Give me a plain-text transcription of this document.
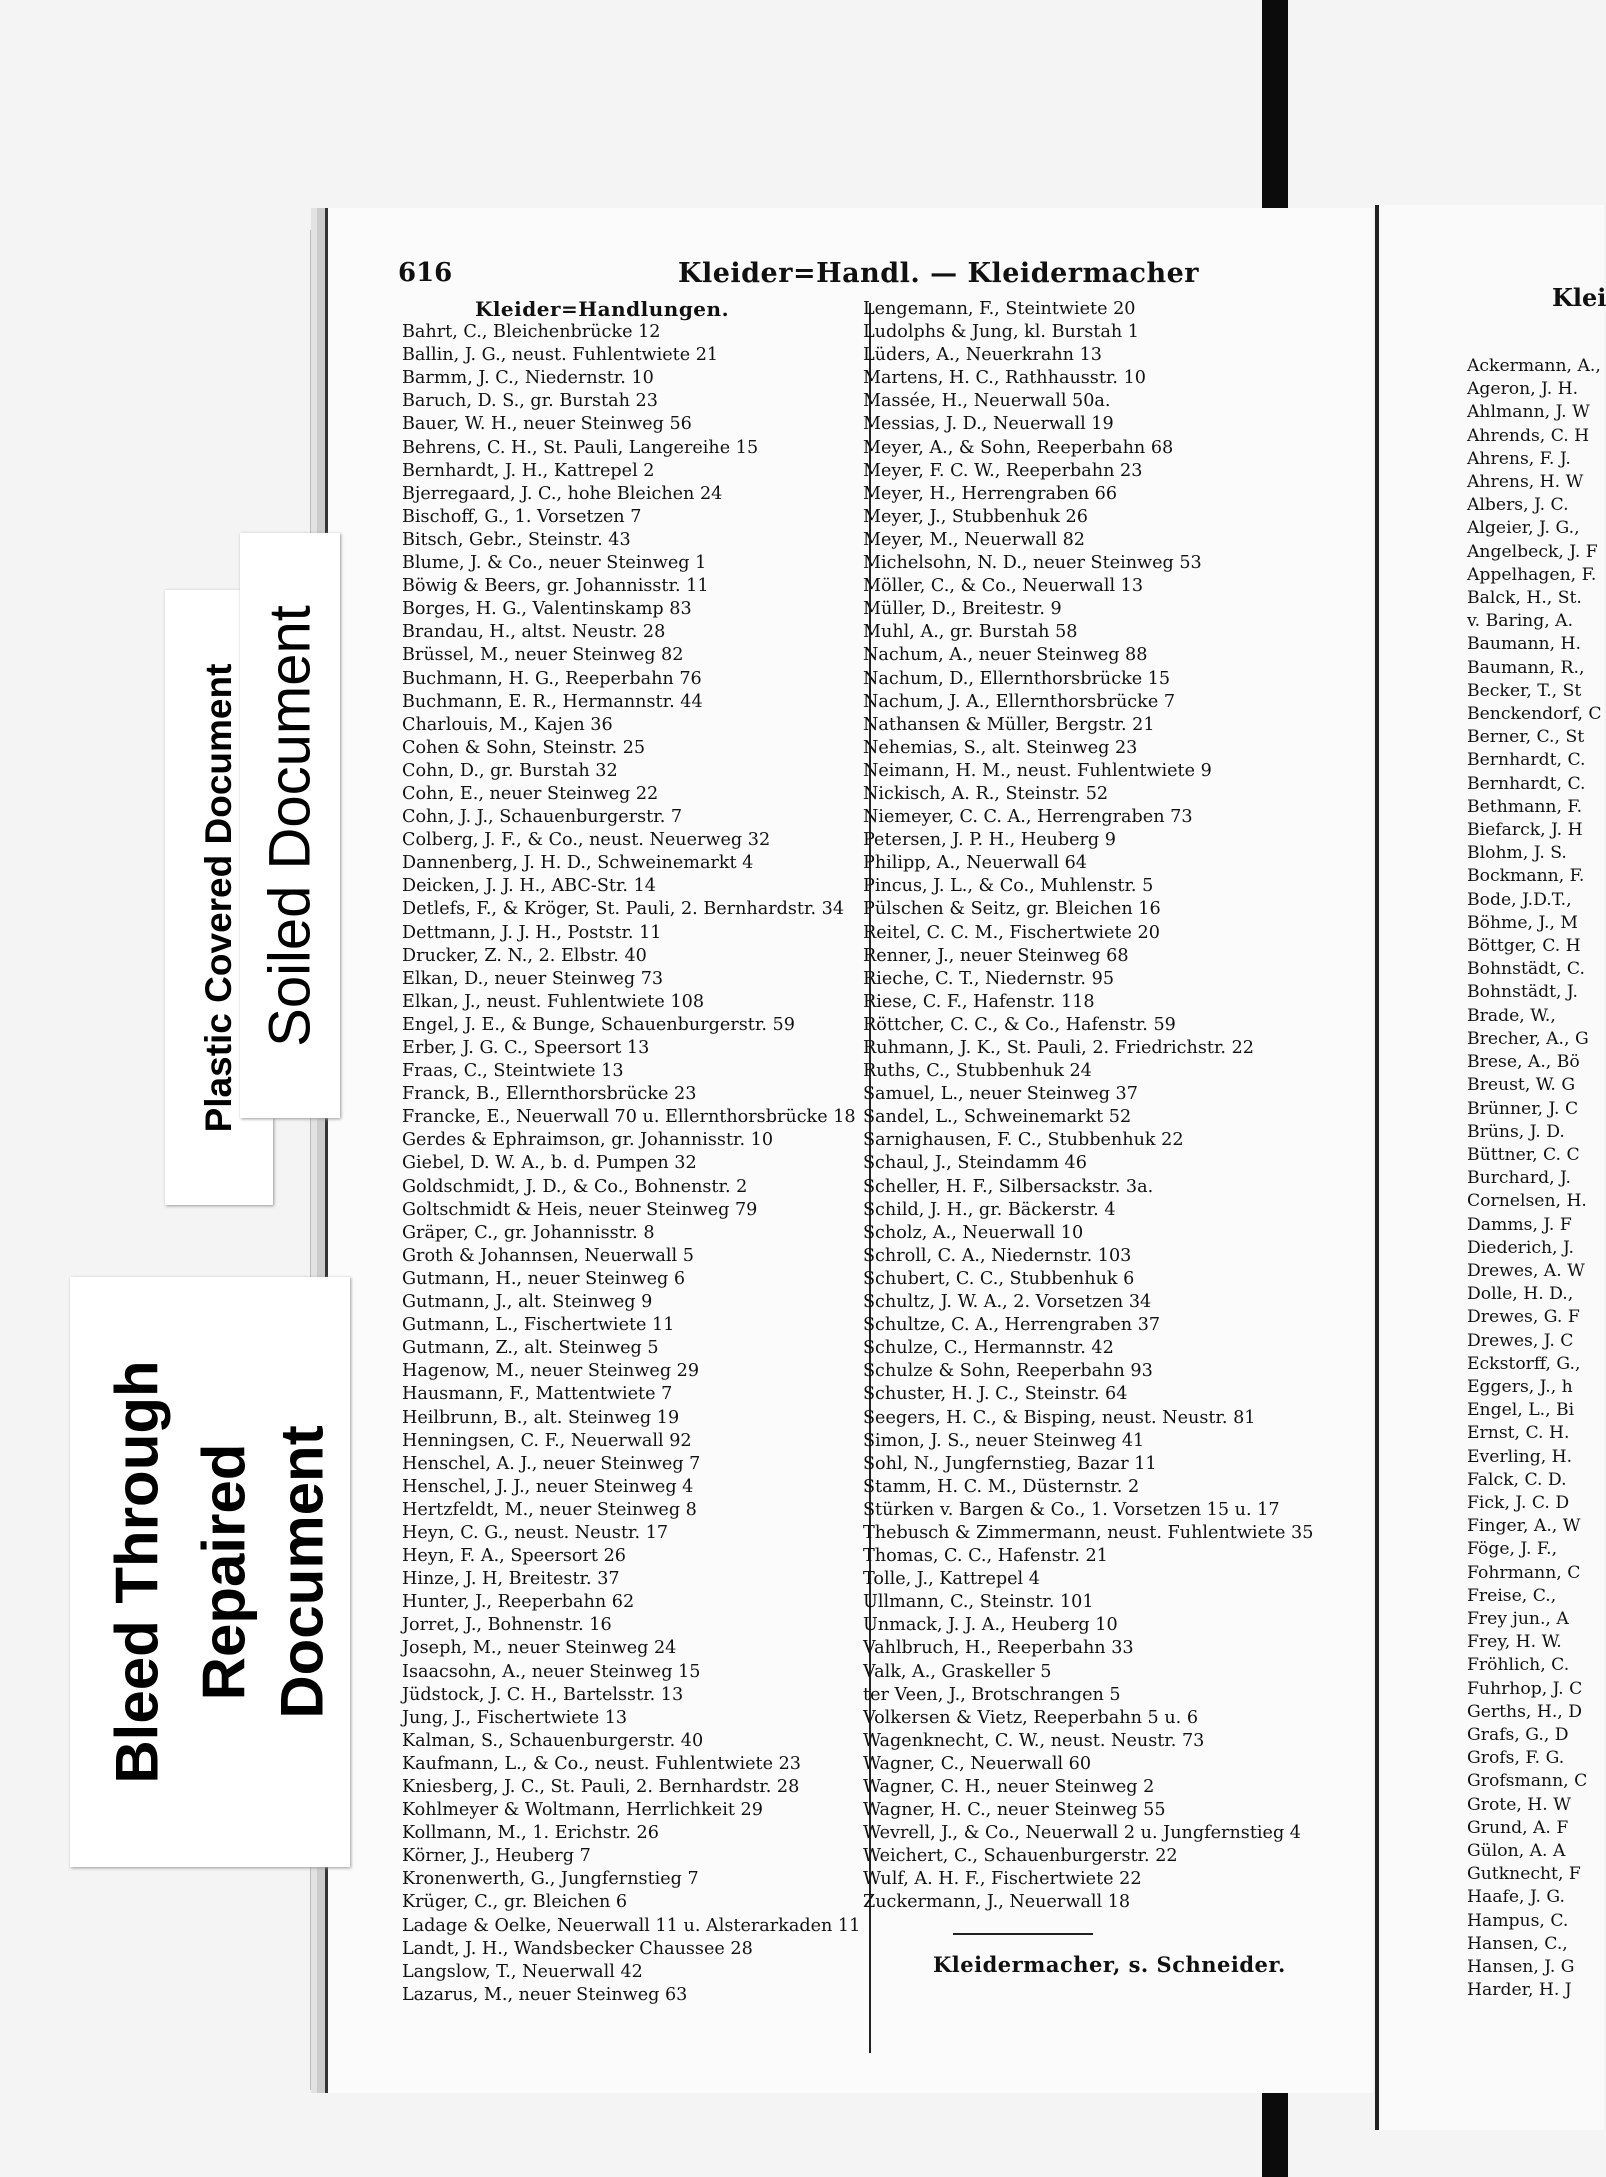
616	Kleider=Handl. — Kleidermacher
Kleider=Handlungen.
Bahrt, C., Bleichenbrücke 12
Ballin, J. G., neust. Fuhlentwiete 21
Barmm, J. C., Niedernstr. 10
Baruch, D. S., gr. Burstah 23
Bauer, W. H., neuer Steinweg 56
Behrens, C. H., St. Pauli, Langereihe 15
Bernhardt, J. H., Kattrepel 2
Bjerregaard, J. C., hohe Bleichen 24
Bischoff, G., 1. Vorsetzen 7
Bitsch, Gebr., Steinstr. 43
Blume, J. & Co., neuer Steinweg 1
Böwig & Beers, gr. Johannisstr. 11
Borges, H. G., Valentinskamp 83
Brandau, H., altst. Neustr. 28
Brüssel, M., neuer Steinweg 82
Buchmann, H. G., Reeperbahn 76
Buchmann, E. R., Hermannstr. 44
Charlouis, M., Kajen 36
Cohen & Sohn, Steinstr. 25
Cohn, D., gr. Burstah 32
Cohn, E., neuer Steinweg 22
Cohn, J. J., Schauenburgerstr. 7
Colberg, J. F., & Co., neust. Neuerweg 32
Dannenberg, J. H. D., Schweinemarkt 4
Deicken, J. J. H., ABC-Str. 14
Detlefs, F., & Kröger, St. Pauli, 2. Bernhardstr. 34
Dettmann, J. J. H., Poststr. 11
Drucker, Z. N., 2. Elbstr. 40
Elkan, D., neuer Steinweg 73
Elkan, J., neust. Fuhlentwiete 108
Engel, J. E., & Bunge, Schauenburgerstr. 59
Erber, J. G. C., Speersort 13
Fraas, C., Steintwiete 13
Franck, B., Ellernthorsbrücke 23
Francke, E., Neuerwall 70 u. Ellernthorsbrücke 18
Gerdes & Ephraimson, gr. Johannisstr. 10
Giebel, D. W. A., b. d. Pumpen 32
Goldschmidt, J. D., & Co., Bohnenstr. 2
Goltschmidt & Heis, neuer Steinweg 79
Gräper, C., gr. Johannisstr. 8
Groth & Johannsen, Neuerwall 5
Gutmann, H., neuer Steinweg 6
Gutmann, J., alt. Steinweg 9
Gutmann, L., Fischertwiete 11
Gutmann, Z., alt. Steinweg 5
Hagenow, M., neuer Steinweg 29
Hausmann, F., Mattentwiete 7
Heilbrunn, B., alt. Steinweg 19
Henningsen, C. F., Neuerwall 92
Henschel, A. J., neuer Steinweg 7
Henschel, J. J., neuer Steinweg 4
Hertzfeldt, M., neuer Steinweg 8
Heyn, C. G., neust. Neustr. 17
Heyn, F. A., Speersort 26
Hinze, J. H, Breitestr. 37
Hunter, J., Reeperbahn 62
Jorret, J., Bohnenstr. 16
Joseph, M., neuer Steinweg 24
Isaacsohn, A., neuer Steinweg 15
Jüdstock, J. C. H., Bartelsstr. 13
Jung, J., Fischertwiete 13
Kalman, S., Schauenburgerstr. 40
Kaufmann, L., & Co., neust. Fuhlentwiete 23
Kniesberg, J. C., St. Pauli, 2. Bernhardstr. 28
Kohlmeyer & Woltmann, Herrlichkeit 29
Kollmann, M., 1. Erichstr. 26
Körner, J., Heuberg 7
Kronenwerth, G., Jungfernstieg 7
Krüger, C., gr. Bleichen 6
Ladage & Oelke, Neuerwall 11 u. Alsterarkaden 11
Landt, J. H., Wandsbecker Chaussee 28
Langslow, T., Neuerwall 42
Lazarus, M., neuer Steinweg 63
Lengemann, F., Steintwiete 20
Ludolphs & Jung, kl. Burstah 1
Lüders, A., Neuerkrahn 13
Martens, H. C., Rathhausstr. 10
Massée, H., Neuerwall 50a.
Messias, J. D., Neuerwall 19
Meyer, A., & Sohn, Reeperbahn 68
Meyer, F. C. W., Reeperbahn 23
Meyer, H., Herrengraben 66
Meyer, J., Stubbenhuk 26
Meyer, M., Neuerwall 82
Michelsohn, N. D., neuer Steinweg 53
Möller, C., & Co., Neuerwall 13
Müller, D., Breitestr. 9
Muhl, A., gr. Burstah 58
Nachum, A., neuer Steinweg 88
Nachum, D., Ellernthorsbrücke 15
Nachum, J. A., Ellernthorsbrücke 7
Nathansen & Müller, Bergstr. 21
Nehemias, S., alt. Steinweg 23
Neimann, H. M., neust. Fuhlentwiete 9
Nickisch, A. R., Steinstr. 52
Niemeyer, C. C. A., Herrengraben 73
Petersen, J. P. H., Heuberg 9
Philipp, A., Neuerwall 64
Pincus, J. L., & Co., Muhlenstr. 5
Pülschen & Seitz, gr. Bleichen 16
Reitel, C. C. M., Fischertwiete 20
Renner, J., neuer Steinweg 68
Rieche, C. T., Niedernstr. 95
Riese, C. F., Hafenstr. 118
Röttcher, C. C., & Co., Hafenstr. 59
Ruhmann, J. K., St. Pauli, 2. Friedrichstr. 22
Ruths, C., Stubbenhuk 24
Samuel, L., neuer Steinweg 37
Sandel, L., Schweinemarkt 52
Sarnighausen, F. C., Stubbenhuk 22
Schaul, J., Steindamm 46
Scheller, H. F., Silbersackstr. 3a.
Schild, J. H., gr. Bäckerstr. 4
Scholz, A., Neuerwall 10
Schroll, C. A., Niedernstr. 103
Schubert, C. C., Stubbenhuk 6
Schultz, J. W. A., 2. Vorsetzen 34
Schultze, C. A., Herrengraben 37
Schulze, C., Hermannstr. 42
Schulze & Sohn, Reeperbahn 93
Schuster, H. J. C., Steinstr. 64
Seegers, H. C., & Bisping, neust. Neustr. 81
Simon, J. S., neuer Steinweg 41
Sohl, N., Jungfernstieg, Bazar 11
Stamm, H. C. M., Düsternstr. 2
Stürken v. Bargen & Co., 1. Vorsetzen 15 u. 17
Thebusch & Zimmermann, neust. Fuhlentwiete 35
Thomas, C. C., Hafenstr. 21
Tolle, J., Kattrepel 4
Ullmann, C., Steinstr. 101
Unmack, J. J. A., Heuberg 10
Vahlbruch, H., Reeperbahn 33
Valk, A., Graskeller 5
ter Veen, J., Brotschrangen 5
Volkersen & Vietz, Reeperbahn 5 u. 6
Wagenknecht, C. W., neust. Neustr. 73
Wagner, C., Neuerwall 60
Wagner, C. H., neuer Steinweg 2
Wagner, H. C., neuer Steinweg 55
Wevrell, J., & Co., Neuerwall 2 u. Jungfernstieg 4
Weichert, C., Schauenburgerstr. 22
Wulf, A. H. F., Fischertwiete 22
Zuckermann, J., Neuerwall 18
Kleidermacher, s. Schneider.
Klei
Ackermann, A.,
Ageron, J. H.
Ahlmann, J. W
Ahrends, C. H
Ahrens, F. J.
Ahrens, H. W
Albers, J. C.
Algeier, J. G.,
Angelbeck, J. F
Appelhagen, F.
Balck, H., St.
v. Baring, A.
Baumann, H.
Baumann, R.,
Becker, T., St
Benckendorf, C
Berner, C., St
Bernhardt, C.
Bernhardt, C.
Bethmann, F.
Biefarck, J. H
Blohm, J. S.
Bockmann, F.
Bode, J.D.T.,
Böhme, J., M
Böttger, C. H
Bohnstädt, C.
Bohnstädt, J.
Brade, W.,
Brecher, A., G
Brese, A., Bö
Breust, W. G
Brünner, J. C
Brüns, J. D.
Büttner, C. C
Burchard, J.
Cornelsen, H.
Damms, J. F
Diederich, J.
Drewes, A. W
Dolle, H. D.,
Drewes, G. F
Drewes, J. C
Eckstorff, G.,
Eggers, J., h
Engel, L., Bi
Ernst, C. H.
Everling, H.
Falck, C. D.
Fick, J. C. D
Finger, A., W
Föge, J. F.,
Fohrmann, C
Freise, C.,
Frey jun., A
Frey, H. W.
Fröhlich, C.
Fuhrhop, J. C
Gerths, H., D
Grafs, G., D
Grofs, F. G.
Grofsmann, C
Grote, H. W
Grund, A. F
Gülon, A. A
Gutknecht, F
Haafe, J. G.
Hampus, C.
Hansen, C.,
Hansen, J. G
Harder, H. J
Plastic Covered Document Soiled Document
Bleed Through Repaired Document
